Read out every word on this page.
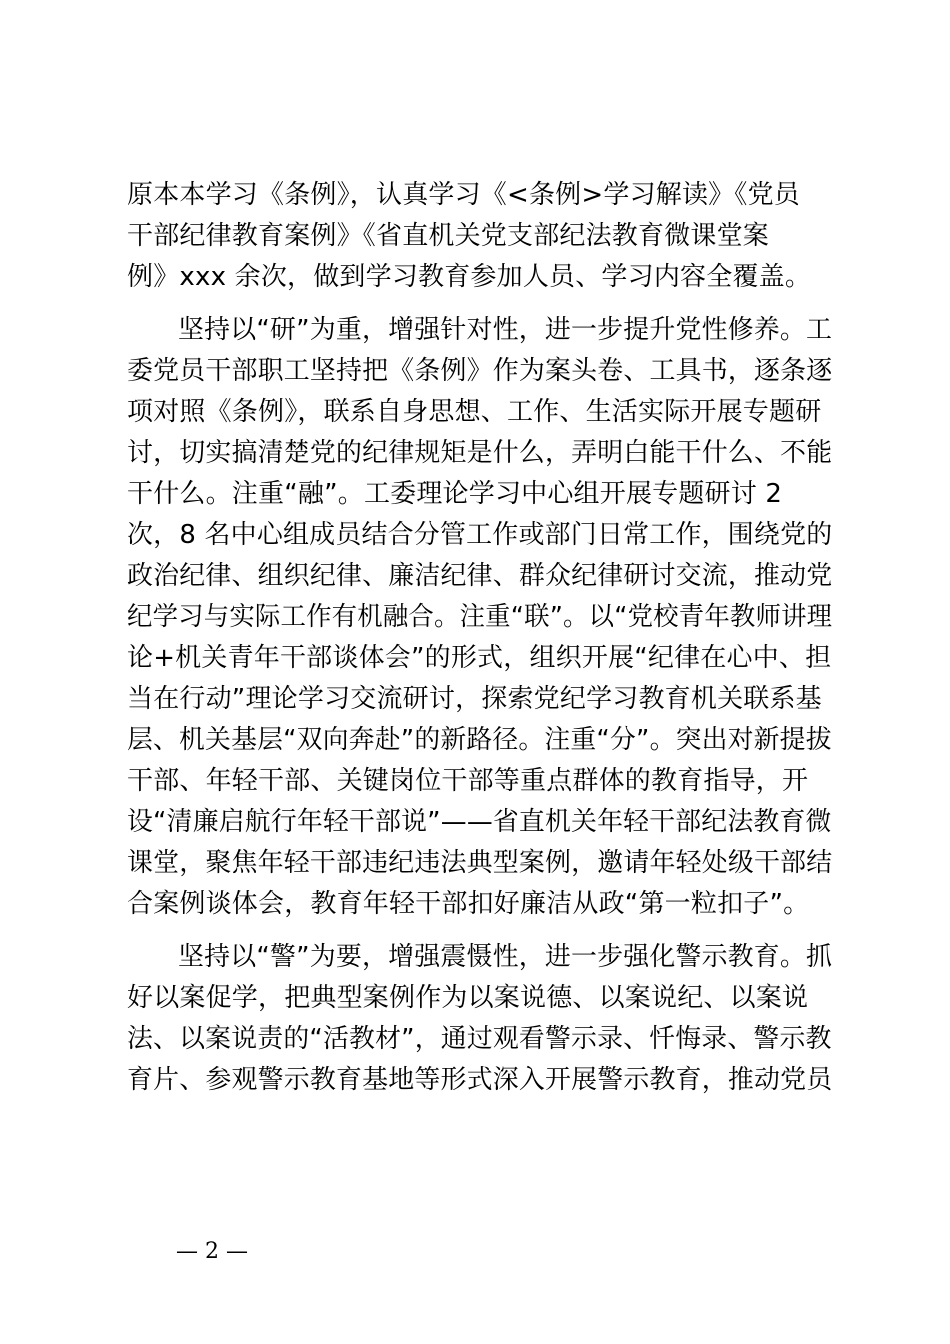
原本本学习《条例》，认真学习《<条例>学习解读》《党员
干部纪律教育案例》《省直机关党支部纪法教育微课堂案
例》xxx 余次，做到学习教育参加人员、学习内容全覆盖。
坚持以“研”为重，增强针对性，进一步提升党性修养。工
委党员干部职工坚持把《条例》作为案头卷、工具书，逐条逐
项对照《条例》，联系自身思想、工作、生活实际开展专题研
讨，切实搞清楚党的纪律规矩是什么，弄明白能干什么、不能
干什么。注重“融”。工委理论学习中心组开展专题研讨 2
次，8 名中心组成员结合分管工作或部门日常工作，围绕党的
政治纪律、组织纪律、廉洁纪律、群众纪律研讨交流，推动党
纪学习与实际工作有机融合。注重“联”。以“党校青年教师讲理
论+机关青年干部谈体会”的形式，组织开展“纪律在心中、担
当在行动”理论学习交流研讨，探索党纪学习教育机关联系基
层、机关基层“双向奔赴”的新路径。注重“分”。突出对新提拔
干部、年轻干部、关键岗位干部等重点群体的教育指导，开
设“清廉启航行年轻干部说”——省直机关年轻干部纪法教育微
课堂，聚焦年轻干部违纪违法典型案例，邀请年轻处级干部结
合案例谈体会，教育年轻干部扣好廉洁从政“第一粒扣子”。
坚持以“警”为要，增强震慑性，进一步强化警示教育。抓
好以案促学，把典型案例作为以案说德、以案说纪、以案说
法、以案说责的“活教材”，通过观看警示录、忏悔录、警示教
育片、参观警示教育基地等形式深入开展警示教育，推动党员
— 2 —
